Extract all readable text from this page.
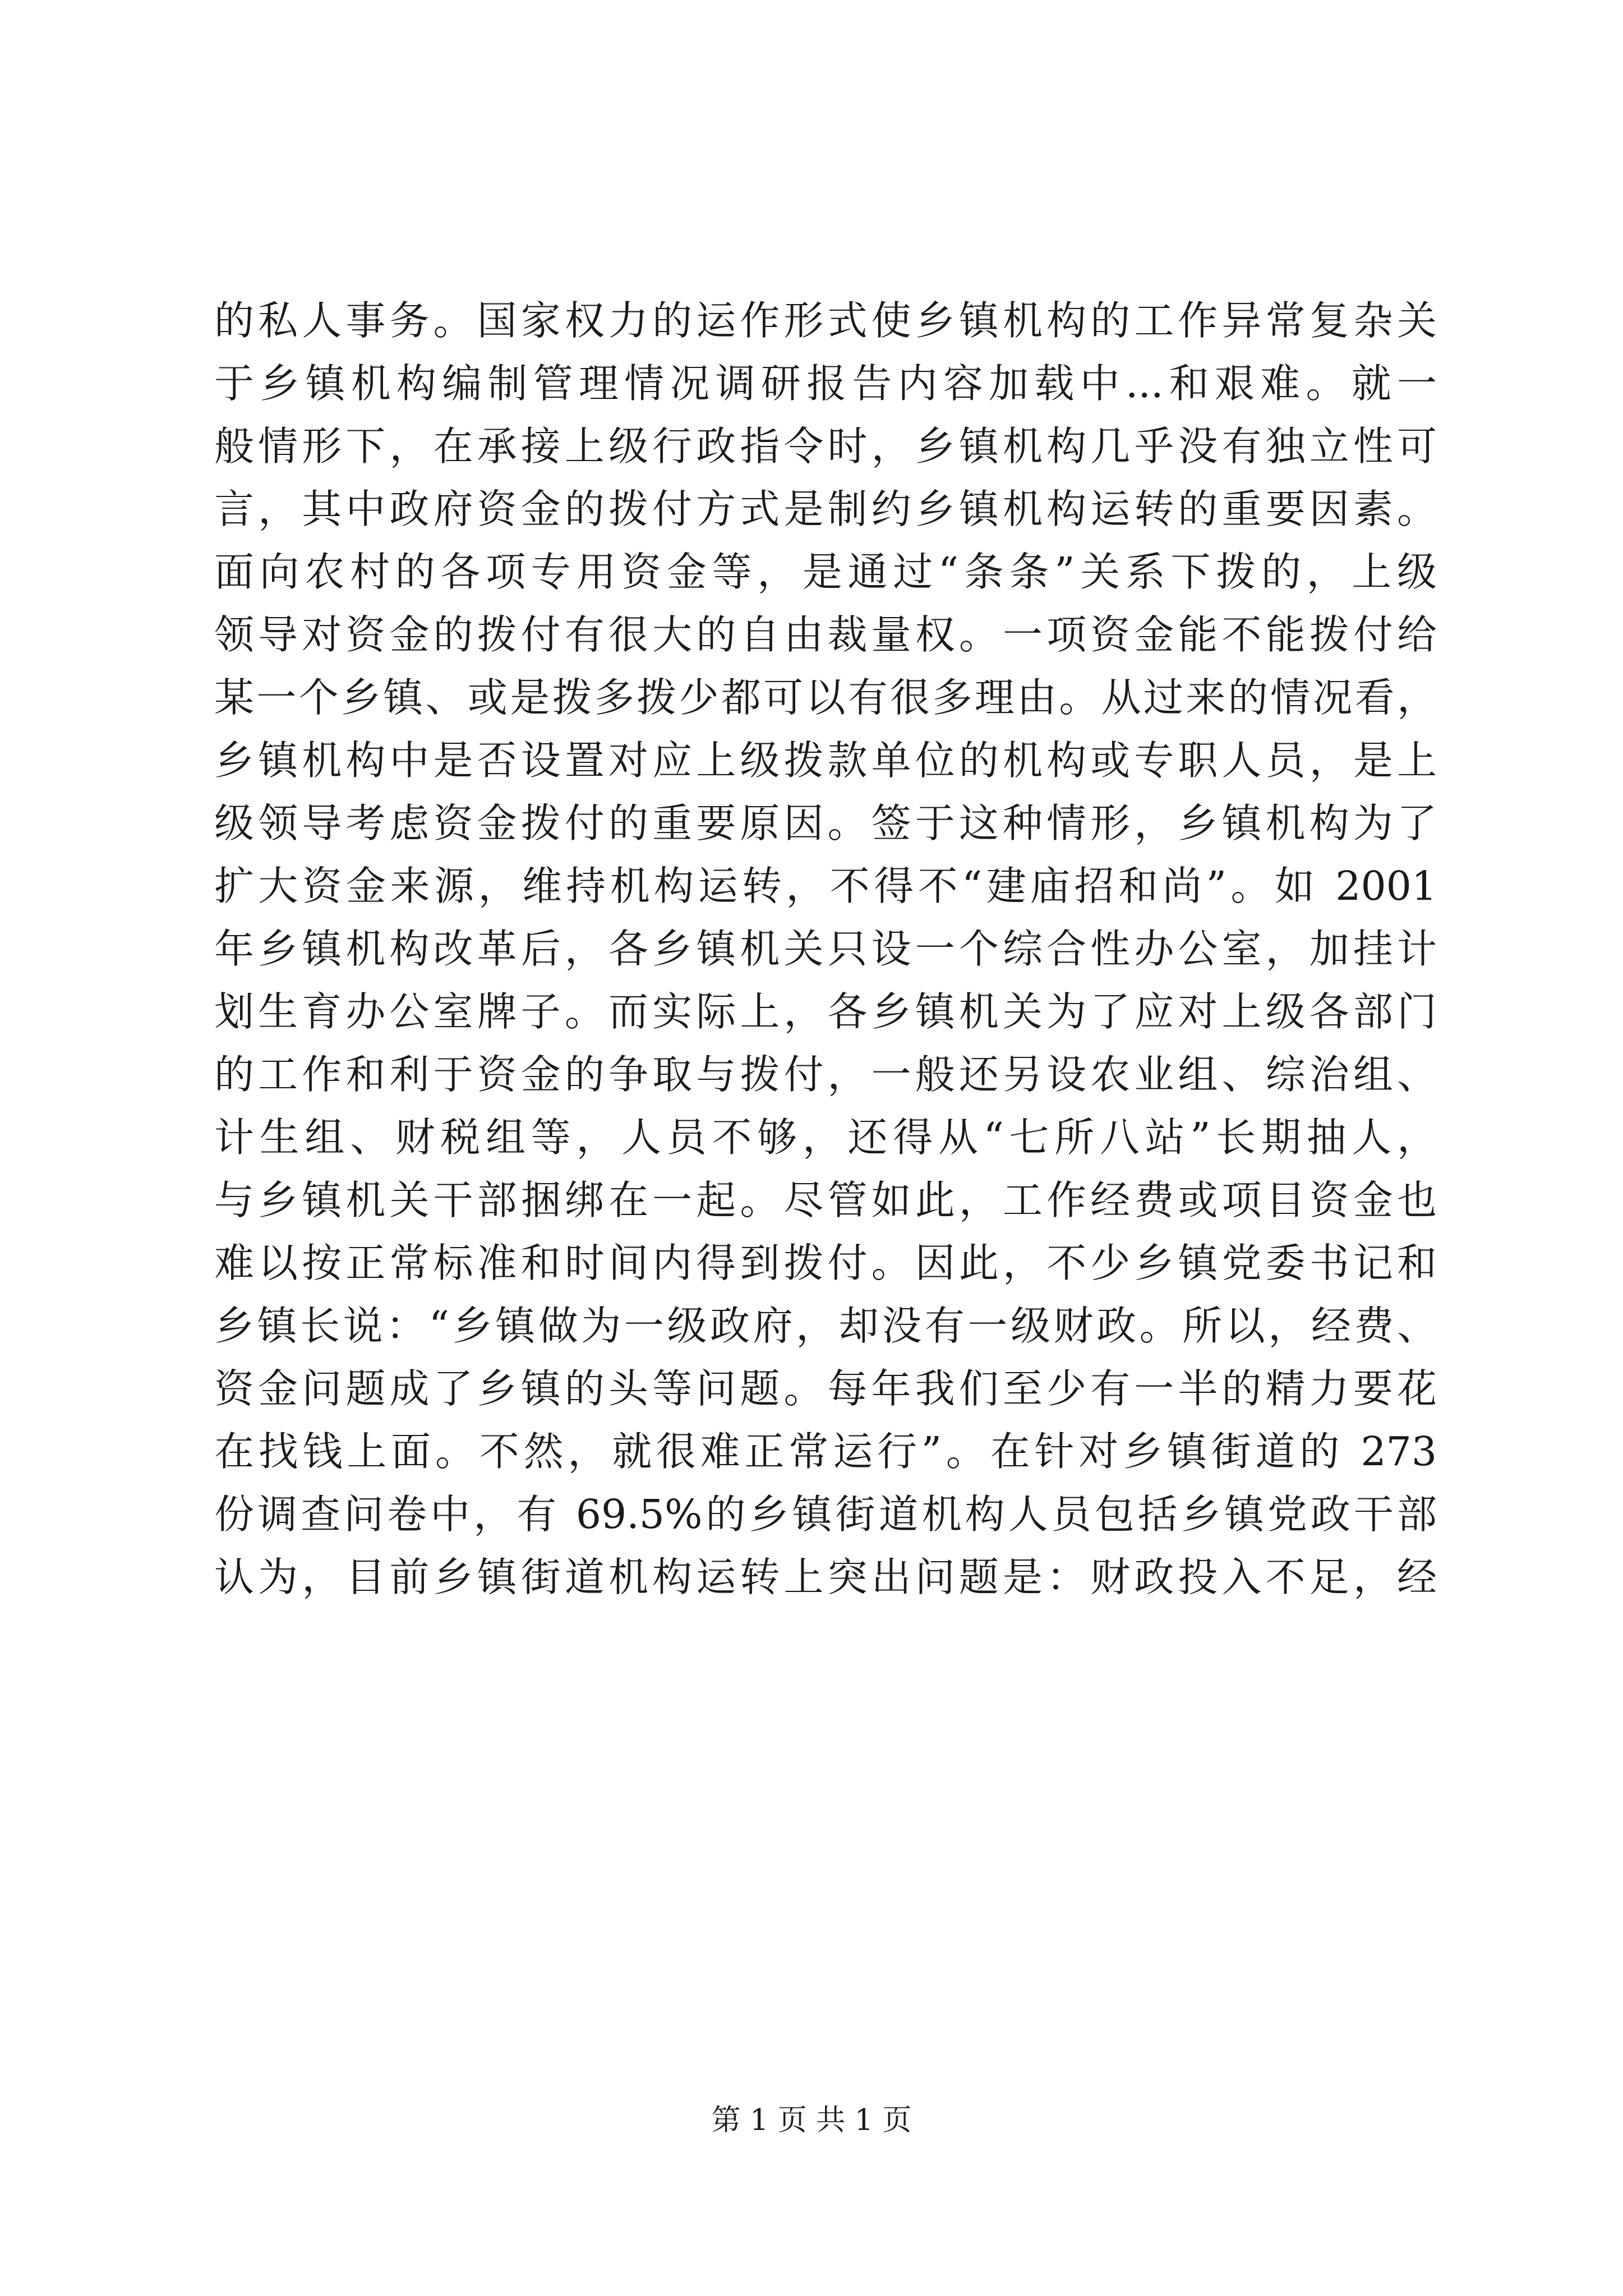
的私人事务。国家权力的运作形式使乡镇机构的工作异常复杂关
于乡镇机构编制管理情况调研报告内容加载中...和艰难。就一
般情形下，在承接上级行政指令时，乡镇机构几乎没有独立性可
言，其中政府资金的拨付方式是制约乡镇机构运转的重要因素。
面向农村的各项专用资金等，是通过“条条”关系下拨的，上级
领导对资金的拨付有很大的自由裁量权。一项资金能不能拨付给
某一个乡镇、或是拨多拨少都可以有很多理由。从过来的情况看，
乡镇机构中是否设置对应上级拨款单位的机构或专职人员，是上
级领导考虑资金拨付的重要原因。签于这种情形，乡镇机构为了
扩大资金来源，维持机构运转，不得不“建庙招和尚”。如 2001
年乡镇机构改革后，各乡镇机关只设一个综合性办公室，加挂计
划生育办公室牌子。而实际上，各乡镇机关为了应对上级各部门
的工作和利于资金的争取与拨付，一般还另设农业组、综治组、
计生组、财税组等，人员不够，还得从“七所八站”长期抽人，
与乡镇机关干部捆绑在一起。尽管如此，工作经费或项目资金也
难以按正常标准和时间内得到拨付。因此，不少乡镇党委书记和
乡镇长说：“乡镇做为一级政府，却没有一级财政。所以，经费、
资金问题成了乡镇的头等问题。每年我们至少有一半的精力要花
在找钱上面。不然，就很难正常运行”。在针对乡镇街道的 273
份调查问卷中，有 69.5%的乡镇街道机构人员包括乡镇党政干部
认为，目前乡镇街道机构运转上突出问题是：财政投入不足，经
第 1 页 共 1 页
